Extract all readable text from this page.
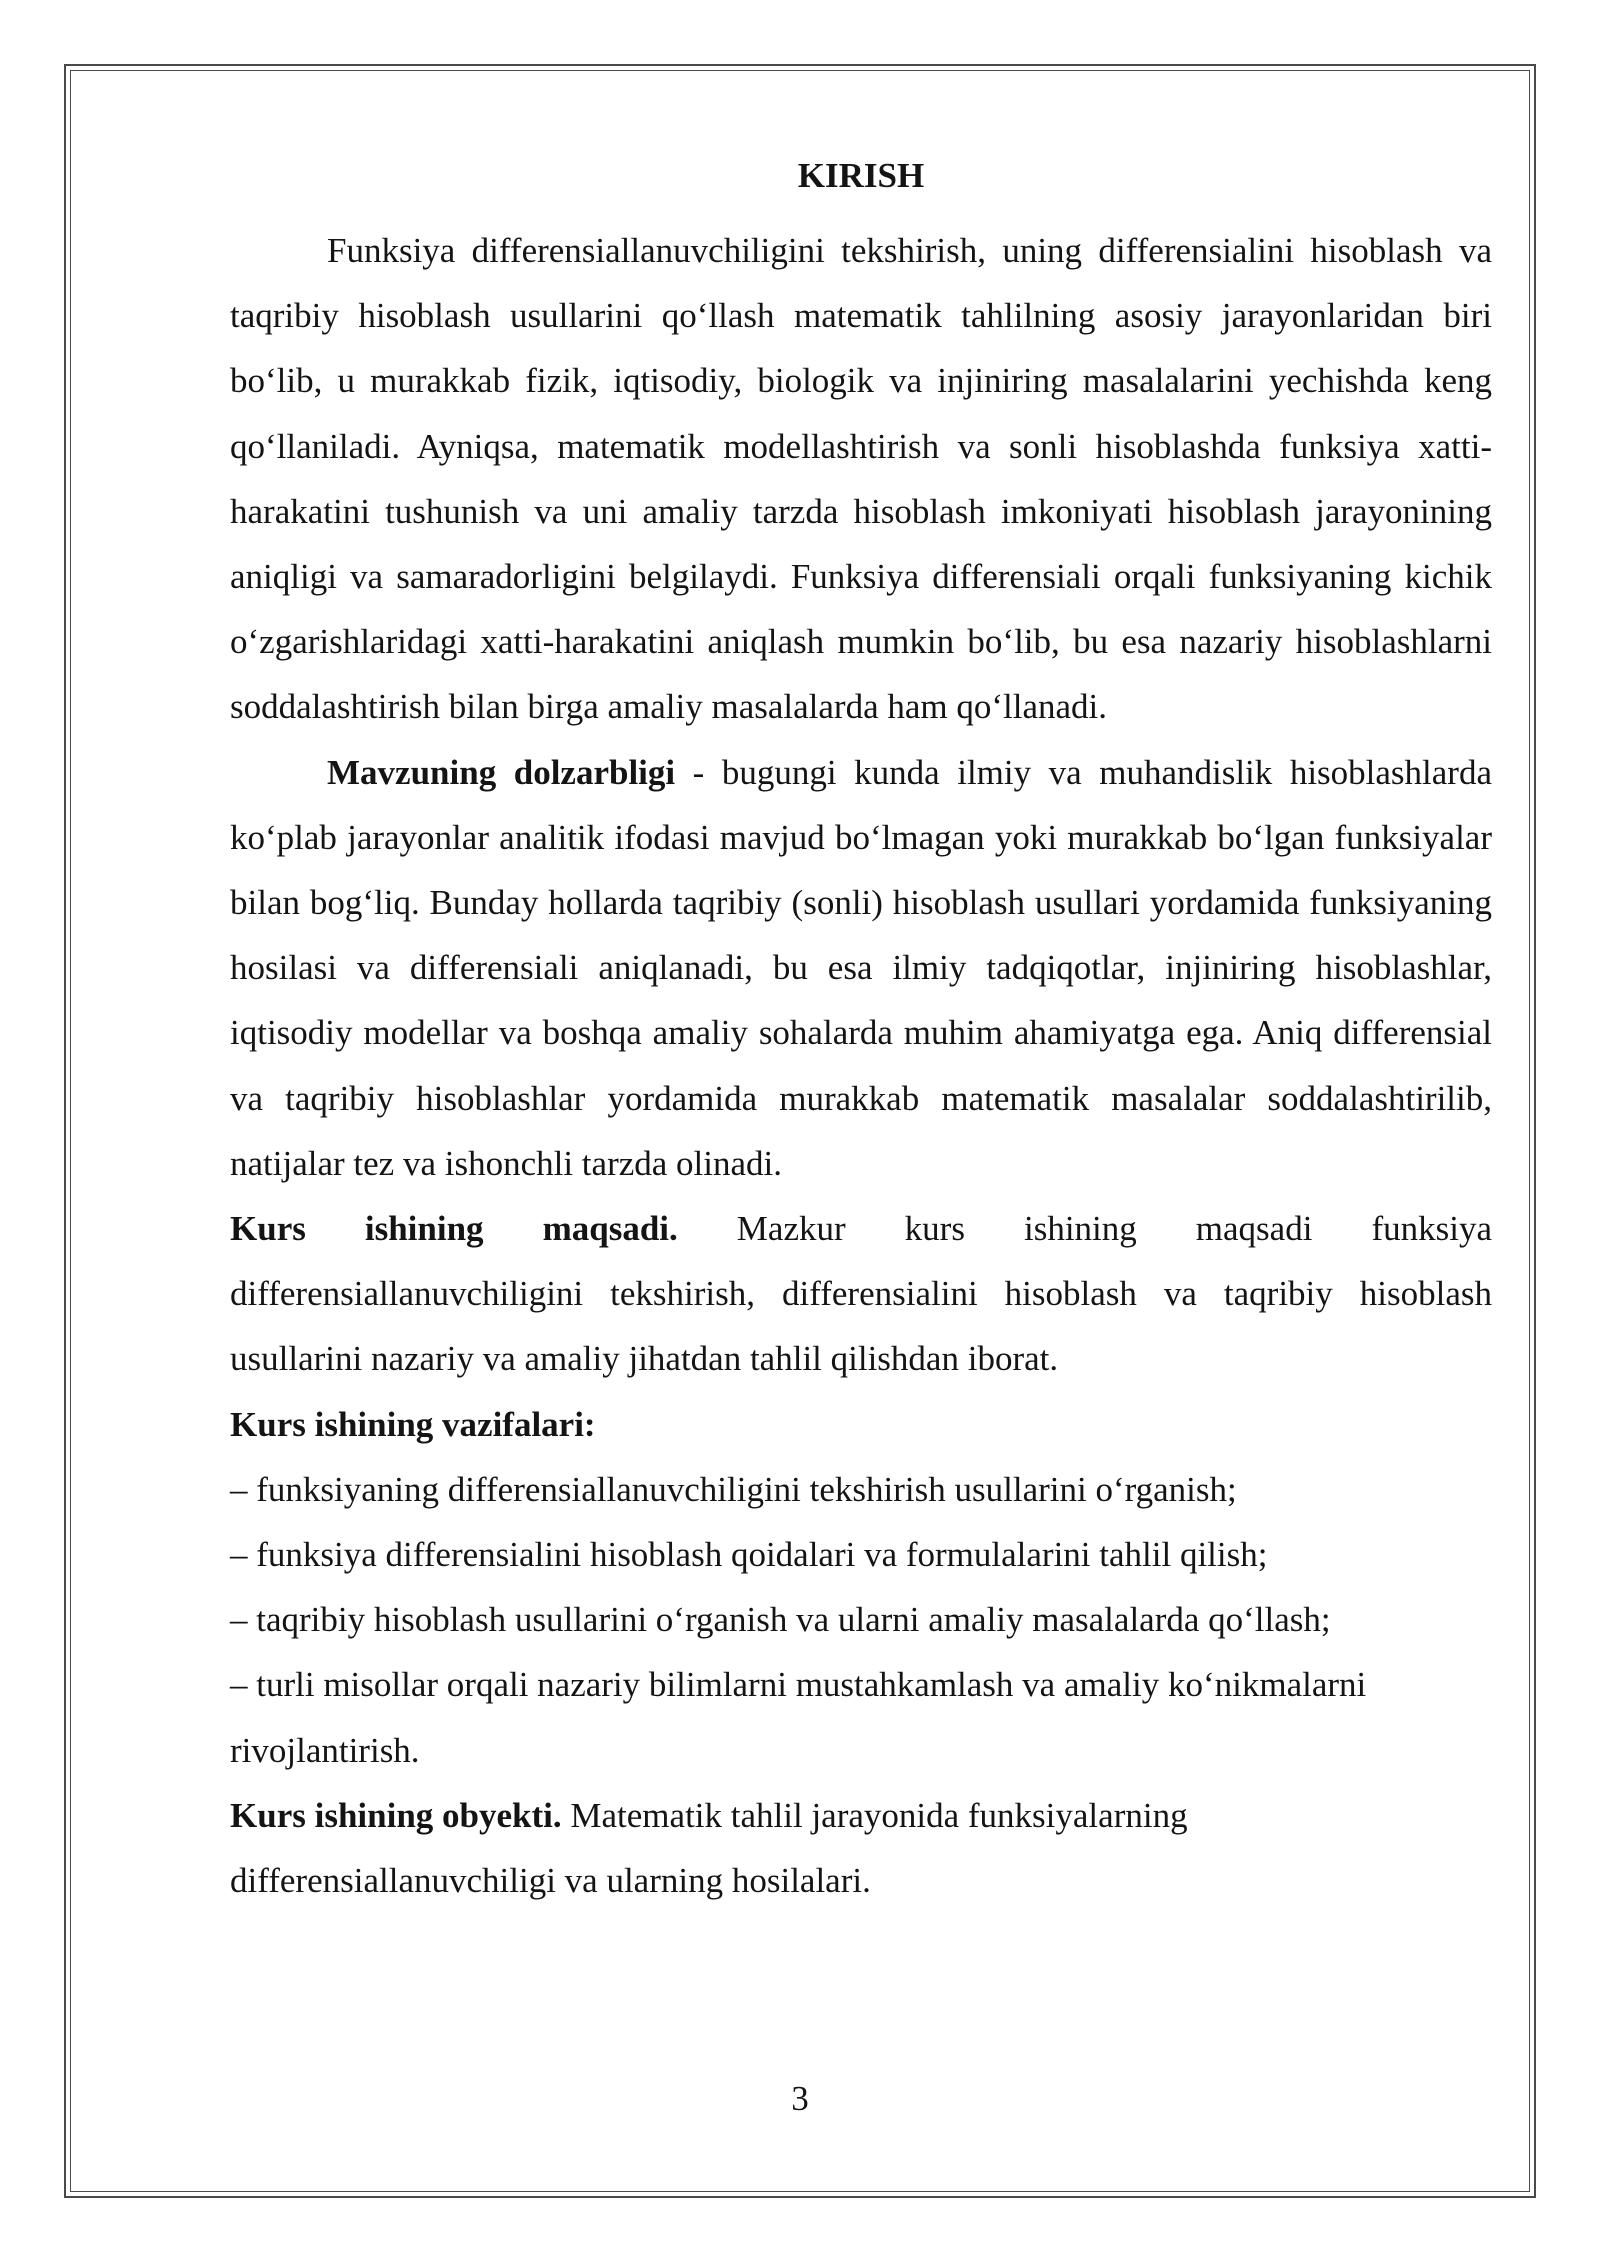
KIRISH

Funksiya differensiallanuvchiligini tekshirish, uning differensialini hisoblash va taqribiy hisoblash usullarini qo‘llash matematik tahlilning asosiy jarayonlaridan biri bo‘lib, u murakkab fizik, iqtisodiy, biologik va injiniring masalalarini yechishda keng qo‘llaniladi. Ayniqsa, matematik modellashtirish va sonli hisoblashda funksiya xatti-harakatini tushunish va uni amaliy tarzda hisoblash imkoniyati hisoblash jarayonining aniqligi va samaradorligini belgilaydi. Funksiya differensiali orqali funksiyaning kichik o‘zgarishlaridagi xatti-harakatini aniqlash mumkin bo‘lib, bu esa nazariy hisoblashlarni soddalashtirish bilan birga amaliy masalalarda ham qo‘llanadi.

Mavzuning dolzarbligi - bugungi kunda ilmiy va muhandislik hisoblashlarda ko‘plab jarayonlar analitik ifodasi mavjud bo‘lmagan yoki murakkab bo‘lgan funksiyalar bilan bog‘liq. Bunday hollarda taqribiy (sonli) hisoblash usullari yordamida funksiyaning hosilasi va differensiali aniqlanadi, bu esa ilmiy tadqiqotlar, injiniring hisoblashlar, iqtisodiy modellar va boshqa amaliy sohalarda muhim ahamiyatga ega. Aniq differensial va taqribiy hisoblashlar yordamida murakkab matematik masalalar soddalashtirilib, natijalar tez va ishonchli tarzda olinadi.

Kurs ishining maqsadi. Mazkur kurs ishining maqsadi funksiya differensiallanuvchiligini tekshirish, differensialini hisoblash va taqribiy hisoblash usullarini nazariy va amaliy jihatdan tahlil qilishdan iborat.

Kurs ishining vazifalari:

– funksiyaning differensiallanuvchiligini tekshirish usullarini o‘rganish;

– funksiya differensialini hisoblash qoidalari va formulalarini tahlil qilish;

– taqribiy hisoblash usullarini o‘rganish va ularni amaliy masalalarda qo‘llash;

– turli misollar orqali nazariy bilimlarni mustahkamlash va amaliy ko‘nikmalarni rivojlantirish.

Kurs ishining obyekti. Matematik tahlil jarayonida funksiyalarning differensiallanuvchiligi va ularning hosilalari.

3
